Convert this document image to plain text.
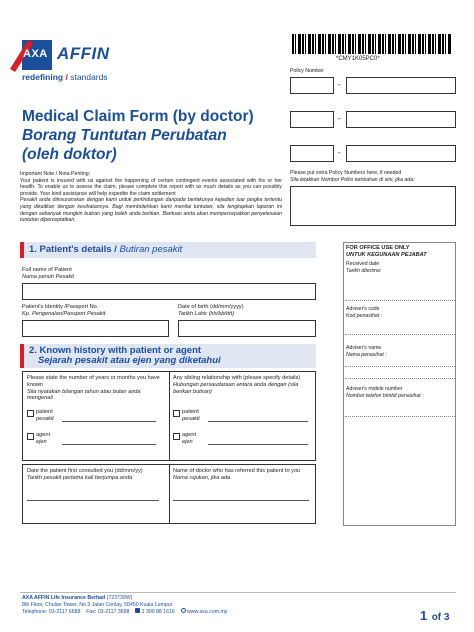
AXA AFFIN
redefining / standards
*CMY1K05PC0*
Policy Number
-
-
-
Please put extra Policy Numbers here, if needed
Sila letakkan Nombor Polisi tambahan di sini, jika ada:
Medical Claim Form (by doctor)
Borang Tuntutan Perubatan
(oleh doktor)
Important Note / Nota Penting:
Your patient is insured with us against the happening of certain contingent events associated with his or her health. To enable us to assess the claim, please complete this report with as much details as you can possibly provide. Your kind assistance will help expedite the claim settlement
Pesakit anda diinsuranskan dengan kami untuk perlindungan daripada berlakunya kejadian luar jangka tertentu yang dikaitkan dengan kesihatannya. Bagi membolehkan kami menilai tuntutan, sila lengkapkan laporan ini dengan sebanyak mungkin butiran yang boleh anda berikan. Bantuan anda akan mempercepatkan penyelesaian tuntutan diperceptatkan.
1. Patient's details / Butiran pesakit
Full name of Patient
Nama penuh Pesakit
Patient's Identity /Passport No.
Kp. Pengenalan/Passport Pesakit
Date of birth (dd/mm/yyyy)
Tarikh Lahir (hh/bb/tttt)
FOR OFFICE USE ONLY
UNTUK KEGUNAAN PEJABAT
Received date
Tarikh diterima:
Adviser's code
Kod penasihat :
Adviser's name
Nama penasihat :
Adviser's mobile number
Nombor telefon bimbit penasihat :
2. Known history with patient or agent
Sejarah pesakit atau ejen yang diketahui
Please state the number of years or months you have known
Sila nyatakan bilangan tahun atau bulan anda mengenali
patient
pesakit
agent
ejen
Any sibling relationship with (please specify details)
Hubungan persaudaraan antara anda dengan (sila berikan butiran)
patient
pesakit
agent
ejen
Date the patient first consulted you (dd/mm/yy)
Tarikh pesakit pertama kali berjumpa anda
Name of doctor who has referred this patient to you
Nama rujukan, jika ada
AXA AFFIN Life Insurance Berhad (723739W)
8th Floor, Chulan Tower, No.3 Jalan Conlay, 50450 Kuala Lumpur
Telephone: 03-2117 6688 Fax: 03-2117 3698 1 300 88 1616 www.axa.com.my	1 of 3
